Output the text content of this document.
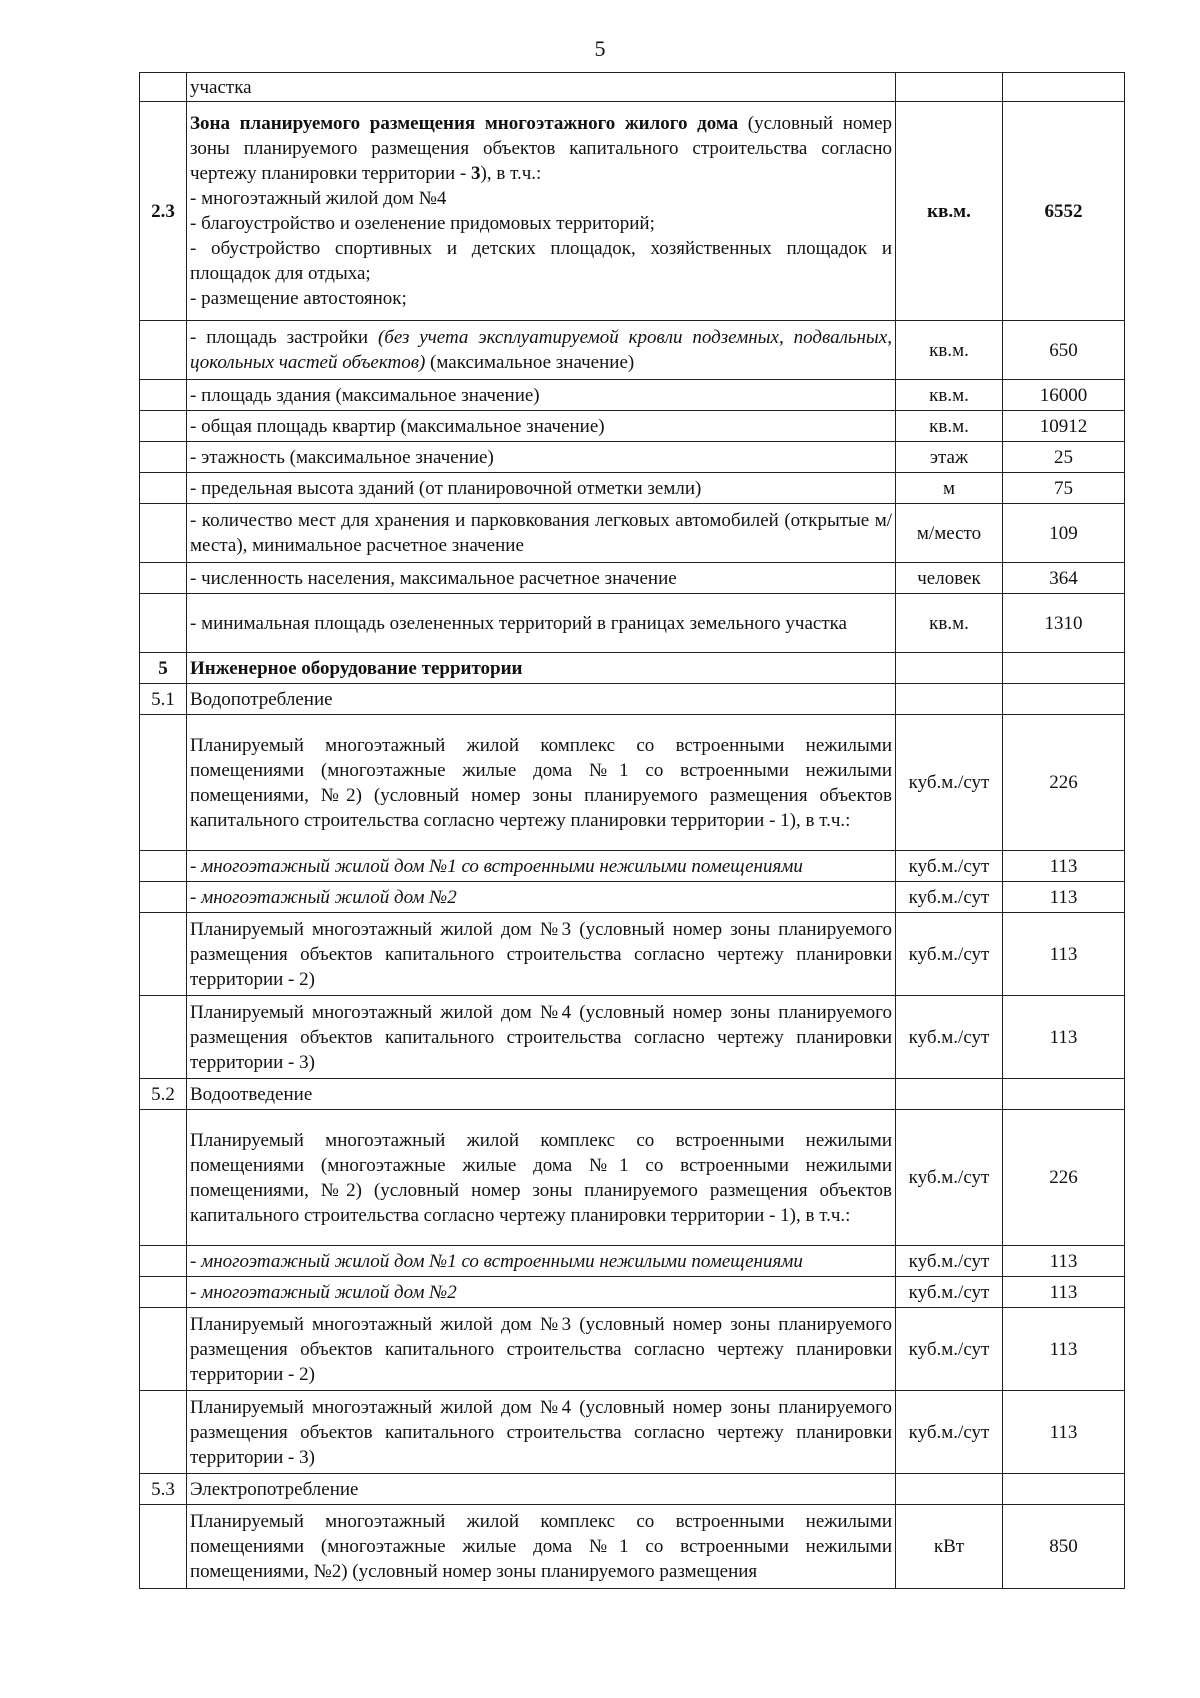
5
	участка		
2.3	Зона планируемого размещения многоэтажного жилого дома (условный номер зоны планируемого размещения объектов капитального строительства согласно чертежу планировки территории - 3), в т.ч.:
- многоэтажный жилой дом №4
- благоустройство и озеленение придомовых территорий;
- обустройство спортивных и детских площадок, хозяйственных площадок и площадок для отдыха;
- размещение автостоянок;	кв.м.	6552
	- площадь застройки (без учета эксплуатируемой кровли подземных, подвальных, цокольных частей объектов) (максимальное значение)	кв.м.	650
	- площадь здания (максимальное значение)	кв.м.	16000
	- общая площадь квартир (максимальное значение)	кв.м.	10912
	- этажность (максимальное значение)	этаж	25
	- предельная высота зданий (от планировочной отметки земли)	м	75
	- количество мест для хранения и парковкования легковых автомобилей (открытые м/места), минимальное расчетное значение	м/место	109
	- численность населения, максимальное расчетное значение	человек	364
	- минимальная площадь озелененных территорий в границах земельного участка	кв.м.	1310
5	Инженерное оборудование территории		
5.1	Водопотребление		
	Планируемый многоэтажный жилой комплекс со встроенными нежилыми помещениями (многоэтажные жилые дома №1 со встроенными нежилыми помещениями, №2) (условный номер зоны планируемого размещения объектов капитального строительства согласно чертежу планировки территории - 1), в т.ч.:	куб.м./сут	226
	- многоэтажный жилой дом №1 со встроенными нежилыми помещениями	куб.м./сут	113
	- многоэтажный жилой дом №2	куб.м./сут	113
	Планируемый многоэтажный жилой дом №3 (условный номер зоны планируемого размещения объектов капитального строительства согласно чертежу планировки территории - 2)	куб.м./сут	113
	Планируемый многоэтажный жилой дом №4 (условный номер зоны планируемого размещения объектов капитального строительства согласно чертежу планировки территории - 3)	куб.м./сут	113
5.2	Водоотведение		
	Планируемый многоэтажный жилой комплекс со встроенными нежилыми помещениями (многоэтажные жилые дома №1 со встроенными нежилыми помещениями, №2) (условный номер зоны планируемого размещения объектов капитального строительства согласно чертежу планировки территории - 1), в т.ч.:	куб.м./сут	226
	- многоэтажный жилой дом №1 со встроенными нежилыми помещениями	куб.м./сут	113
	- многоэтажный жилой дом №2	куб.м./сут	113
	Планируемый многоэтажный жилой дом №3 (условный номер зоны планируемого размещения объектов капитального строительства согласно чертежу планировки территории - 2)	куб.м./сут	113
	Планируемый многоэтажный жилой дом №4 (условный номер зоны планируемого размещения объектов капитального строительства согласно чертежу планировки территории - 3)	куб.м./сут	113
5.3	Электропотребление		
	Планируемый многоэтажный жилой комплекс со встроенными нежилыми помещениями (многоэтажные жилые дома №1 со встроенными нежилыми помещениями, №2) (условный номер зоны планируемого размещения	кВт	850
